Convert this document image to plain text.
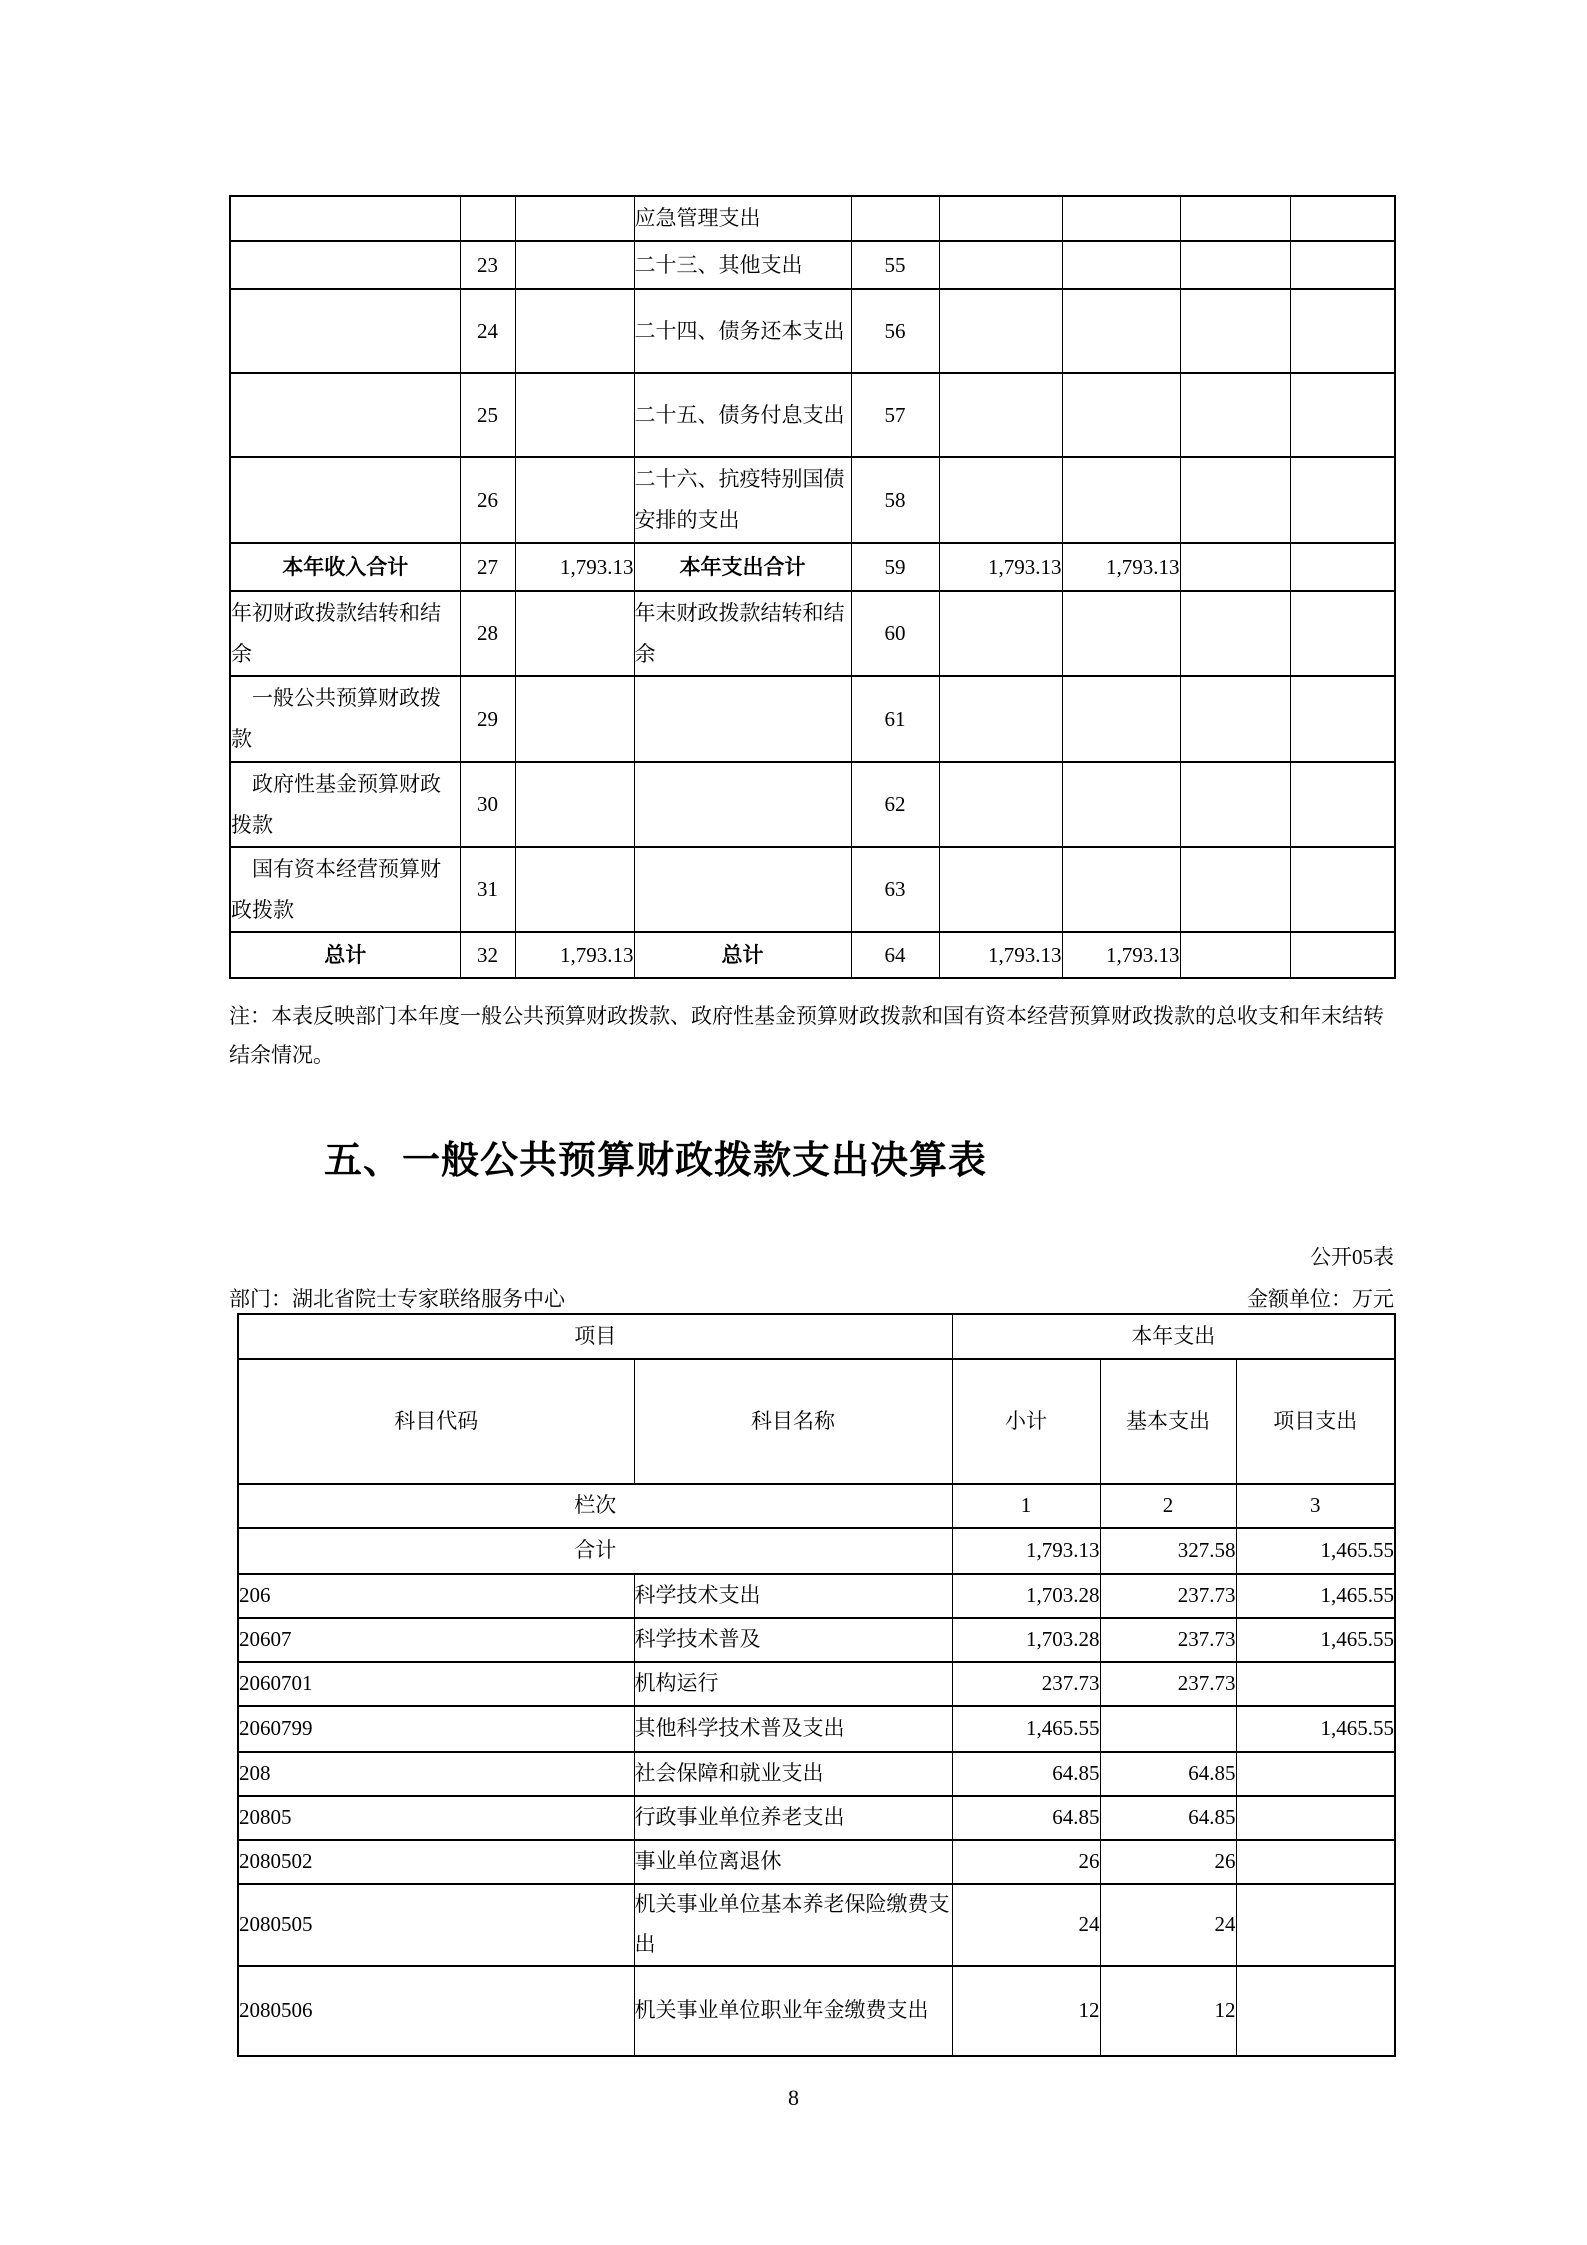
			应急管理支出					
	23		二十三、其他支出	55				
	24		二十四、债务还本支出	56				
	25		二十五、债务付息支出	57				
	26		二十六、抗疫特别国债安排的支出	58				
本年收入合计	27	1,793.13	本年支出合计	59	1,793.13	1,793.13		
年初财政拨款结转和结余	28		年末财政拨款结转和结余	60				
一般公共预算财政拨款	29			61				
政府性基金预算财政拨款	30			62				
国有资本经营预算财政拨款	31			63				
总计	32	1,793.13	总计	64	1,793.13	1,793.13		

注：本表反映部门本年度一般公共预算财政拨款、政府性基金预算财政拨款和国有资本经营预算财政拨款的总收支和年末结转结余情况。

五、一般公共预算财政拨款支出决算表
公开05表
部门：湖北省院士专家联络服务中心	金额单位：万元
项目		本年支出		
科目代码	科目名称	小计	基本支出	项目支出
栏次		1	2	3
合计		1,793.13	327.58	1,465.55
206	科学技术支出	1,703.28	237.73	1,465.55
20607	科学技术普及	1,703.28	237.73	1,465.55
2060701	机构运行	237.73	237.73	
2060799	其他科学技术普及支出	1,465.55		1,465.55
208	社会保障和就业支出	64.85	64.85	
20805	行政事业单位养老支出	64.85	64.85	
2080502	事业单位离退休	26	26	
2080505	机关事业单位基本养老保险缴费支出	24	24	
2080506	机关事业单位职业年金缴费支出	12	12	
8
